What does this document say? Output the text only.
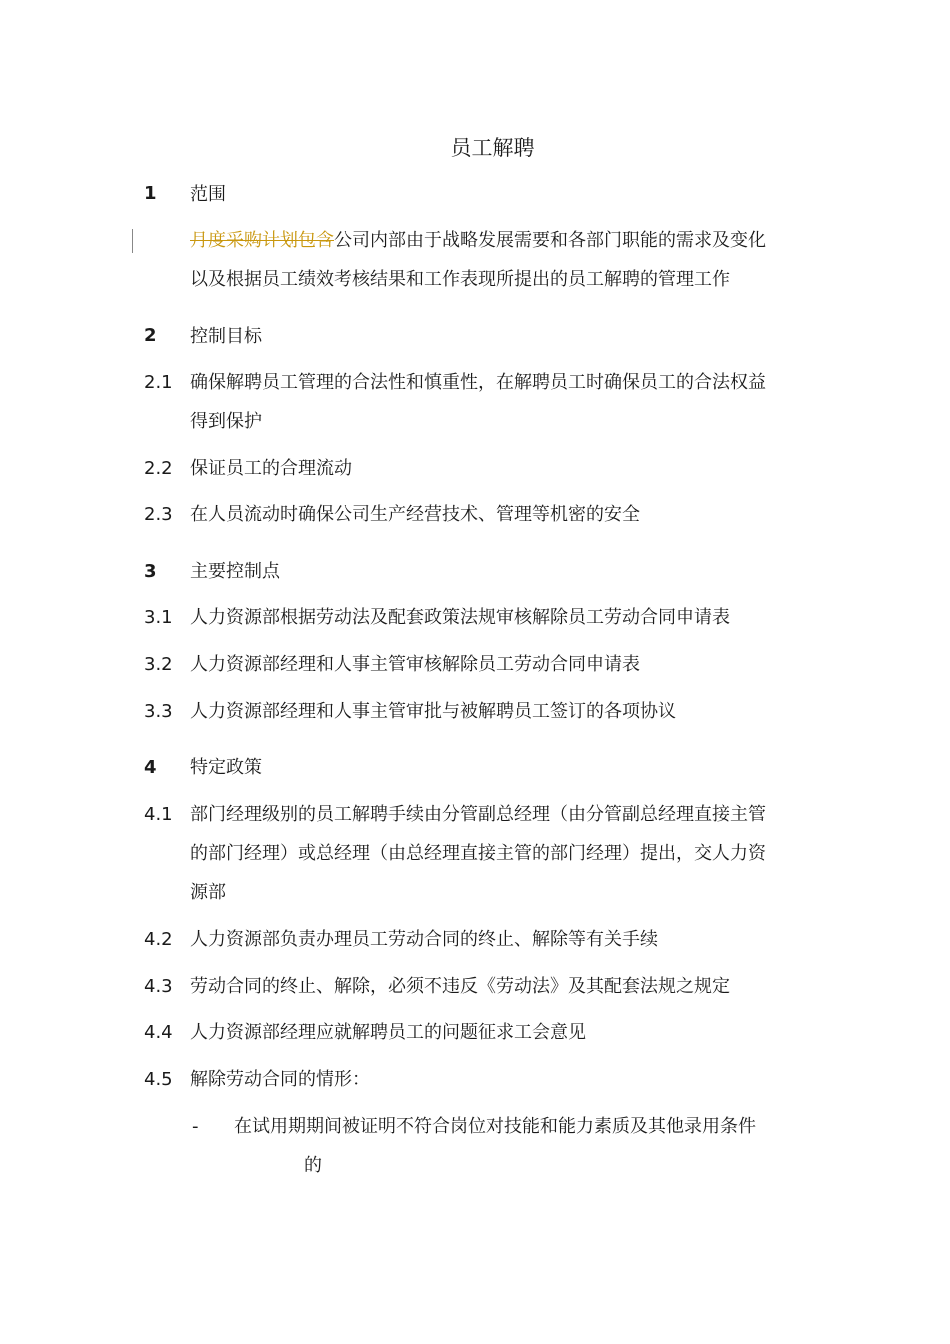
员工解聘
1 范围
月度采购计划包含公司内部由于战略发展需要和各部门职能的需求及变化
以及根据员工绩效考核结果和工作表现所提出的员工解聘的管理工作
2 控制目标
2.1 确保解聘员工管理的合法性和慎重性，在解聘员工时确保员工的合法权益
得到保护
2.2 保证员工的合理流动
2.3 在人员流动时确保公司生产经营技术、管理等机密的安全
3 主要控制点
3.1 人力资源部根据劳动法及配套政策法规审核解除员工劳动合同申请表
3.2 人力资源部经理和人事主管审核解除员工劳动合同申请表
3.3 人力资源部经理和人事主管审批与被解聘员工签订的各项协议
4 特定政策
4.1 部门经理级别的员工解聘手续由分管副总经理（由分管副总经理直接主管
的部门经理）或总经理（由总经理直接主管的部门经理）提出，交人力资
源部
4.2 人力资源部负责办理员工劳动合同的终止、解除等有关手续
4.3 劳动合同的终止、解除，必须不违反《劳动法》及其配套法规之规定
4.4 人力资源部经理应就解聘员工的问题征求工会意见
4.5 解除劳动合同的情形：
- 在试用期期间被证明不符合岗位对技能和能力素质及其他录用条件
的
